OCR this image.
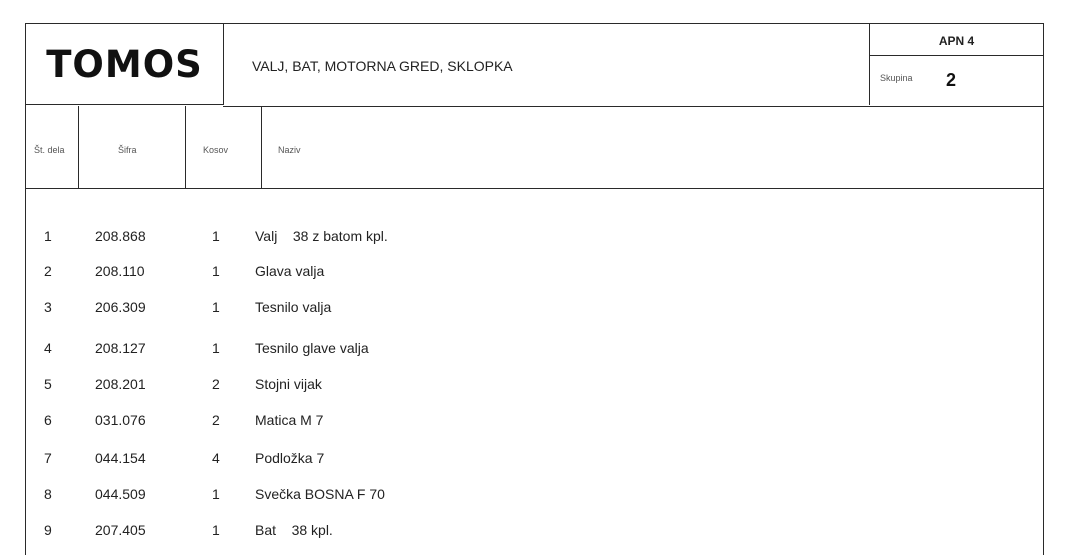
TOMOS	VALJ, BAT, MOTORNA GRED, SKLOPKA
APN 4
Skupina 2
Št. dela	Šifra	Kosov	Naziv
1	208.868	1	Valj    38 z batom kpl.
2	208.110	1	Glava valja
3	206.309	1	Tesnilo valja
4	208.127	1	Tesnilo glave valja
5	208.201	2	Stojni vijak
6	031.076	2	Matica M 7
7	044.154	4	Podložka 7
8	044.509	1	Svečka BOSNA F 70
9	207.405	1	Bat    38 kpl.
